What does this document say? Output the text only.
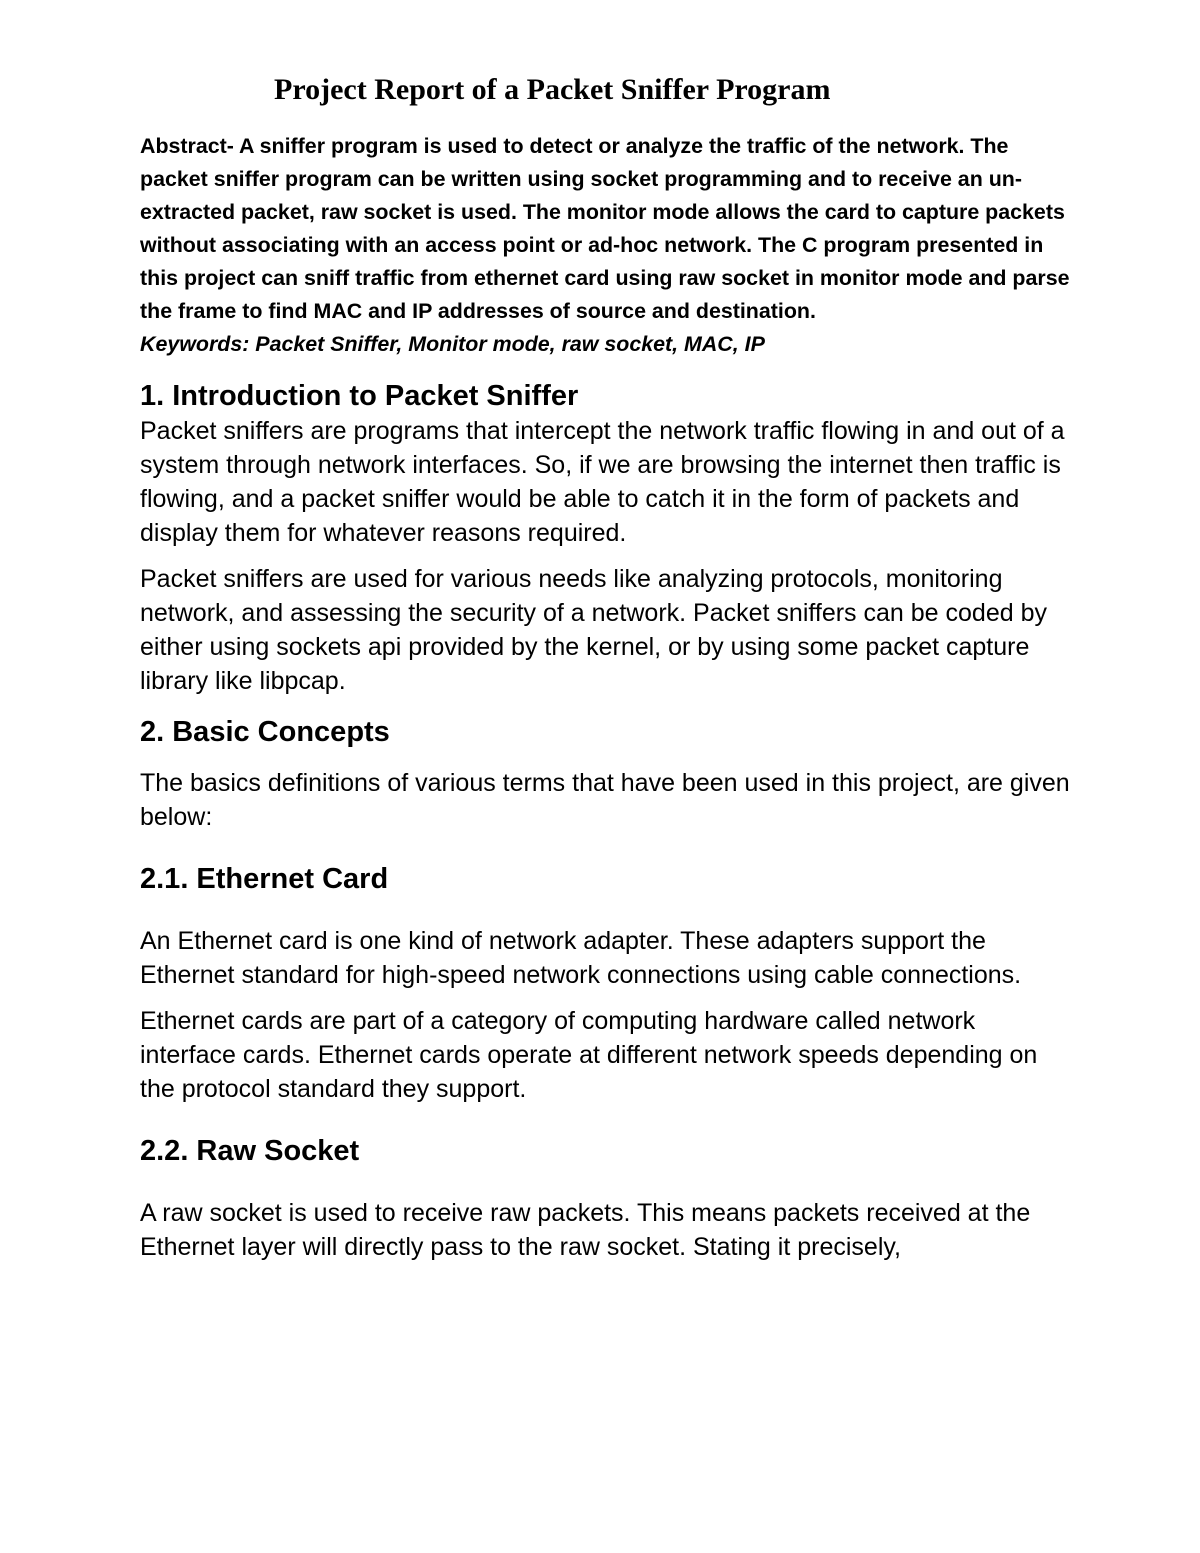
Project Report of a Packet Sniffer Program

Abstract- A sniffer program is used to detect or analyze the traffic of the network. The packet sniffer program can be written using socket programming and to receive an un-extracted packet, raw socket is used. The monitor mode allows the card to capture packets without associating with an access point or ad-hoc network. The C program presented in this project can sniff traffic from ethernet card using raw socket in monitor mode and parse the frame to find MAC and IP addresses of source and destination.

Keywords: Packet Sniffer, Monitor mode, raw socket, MAC, IP

1. Introduction to Packet Sniffer

Packet sniffers are programs that intercept the network traffic flowing in and out of a system through network interfaces. So, if we are browsing the internet then traffic is flowing, and a packet sniffer would be able to catch it in the form of packets and display them for whatever reasons required.

Packet sniffers are used for various needs like analyzing protocols, monitoring network, and assessing the security of a network. Packet sniffers can be coded by either using sockets api provided by the kernel, or by using some packet capture library like libpcap.

2. Basic Concepts

The basics definitions of various terms that have been used in this project, are given below:

2.1. Ethernet Card

An Ethernet card is one kind of network adapter. These adapters support the Ethernet standard for high-speed network connections using cable connections.

Ethernet cards are part of a category of computing hardware called network interface cards. Ethernet cards operate at different network speeds depending on the protocol standard they support.

2.2. Raw Socket

A raw socket is used to receive raw packets. This means packets received at the Ethernet layer will directly pass to the raw socket. Stating it precisely,
